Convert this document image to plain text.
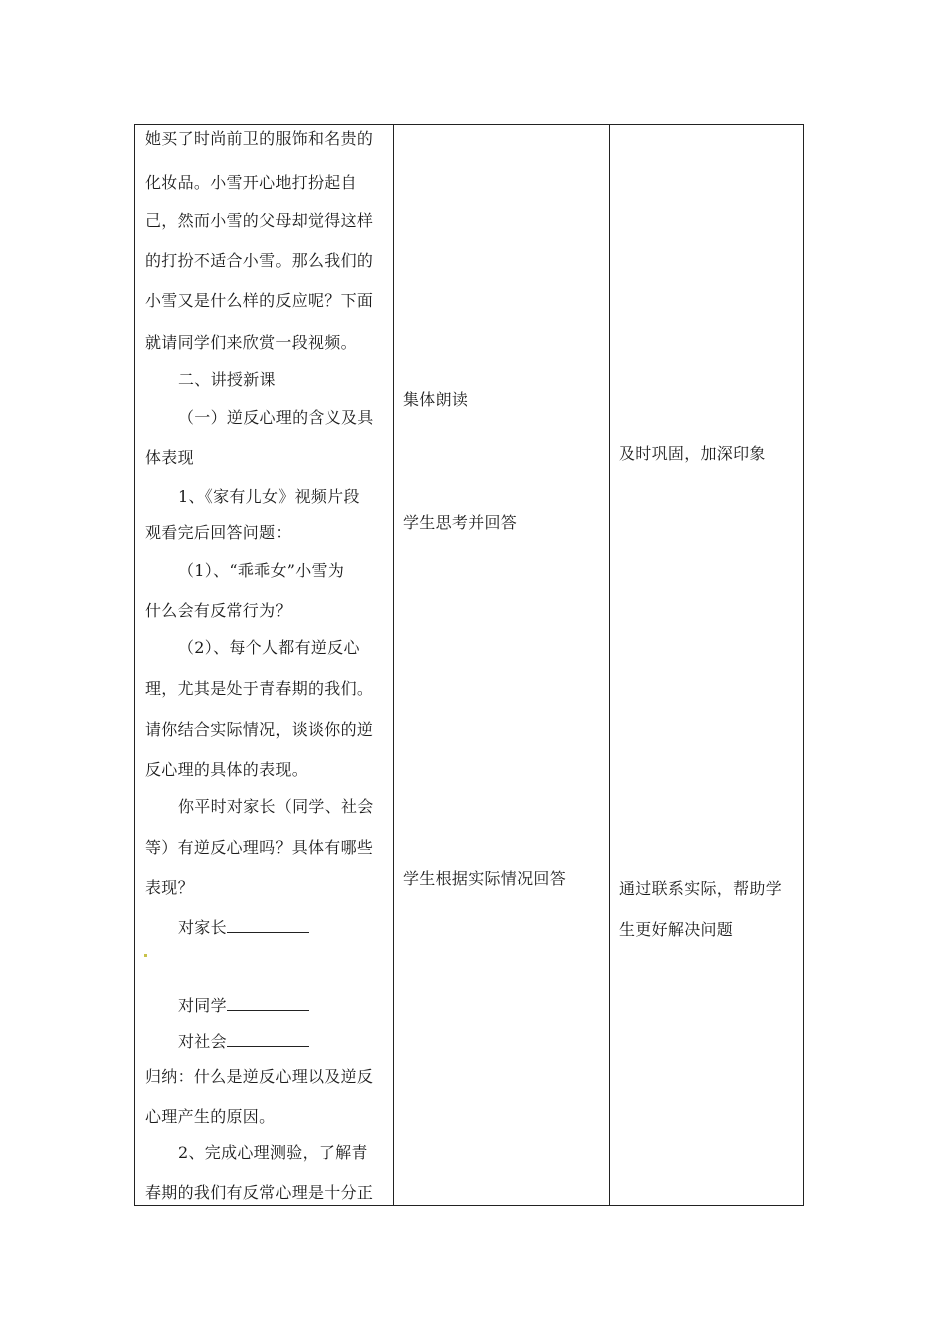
她买了时尚前卫的服饰和名贵的
化妆品。小雪开心地打扮起自
己，然而小雪的父母却觉得这样
的打扮不适合小雪。那么我们的
小雪又是什么样的反应呢？下面
就请同学们来欣赏一段视频。
二、讲授新课
（一）逆反心理的含义及具
体表现
1、《家有儿女》视频片段
观看完后回答问题：
（1）、“乖乖女”小雪为
什么会有反常行为？
（2）、每个人都有逆反心
理，尤其是处于青春期的我们。
请你结合实际情况，谈谈你的逆
反心理的具体的表现。
你平时对家长（同学、社会
等）有逆反心理吗？具体有哪些
表现？
对家长
对同学
对社会
归纳：什么是逆反心理以及逆反
心理产生的原因。
2、完成心理测验，了解青
春期的我们有反常心理是十分正
集体朗读
学生思考并回答
学生根据实际情况回答
及时巩固，加深印象
通过联系实际，帮助学
生更好解决问题
